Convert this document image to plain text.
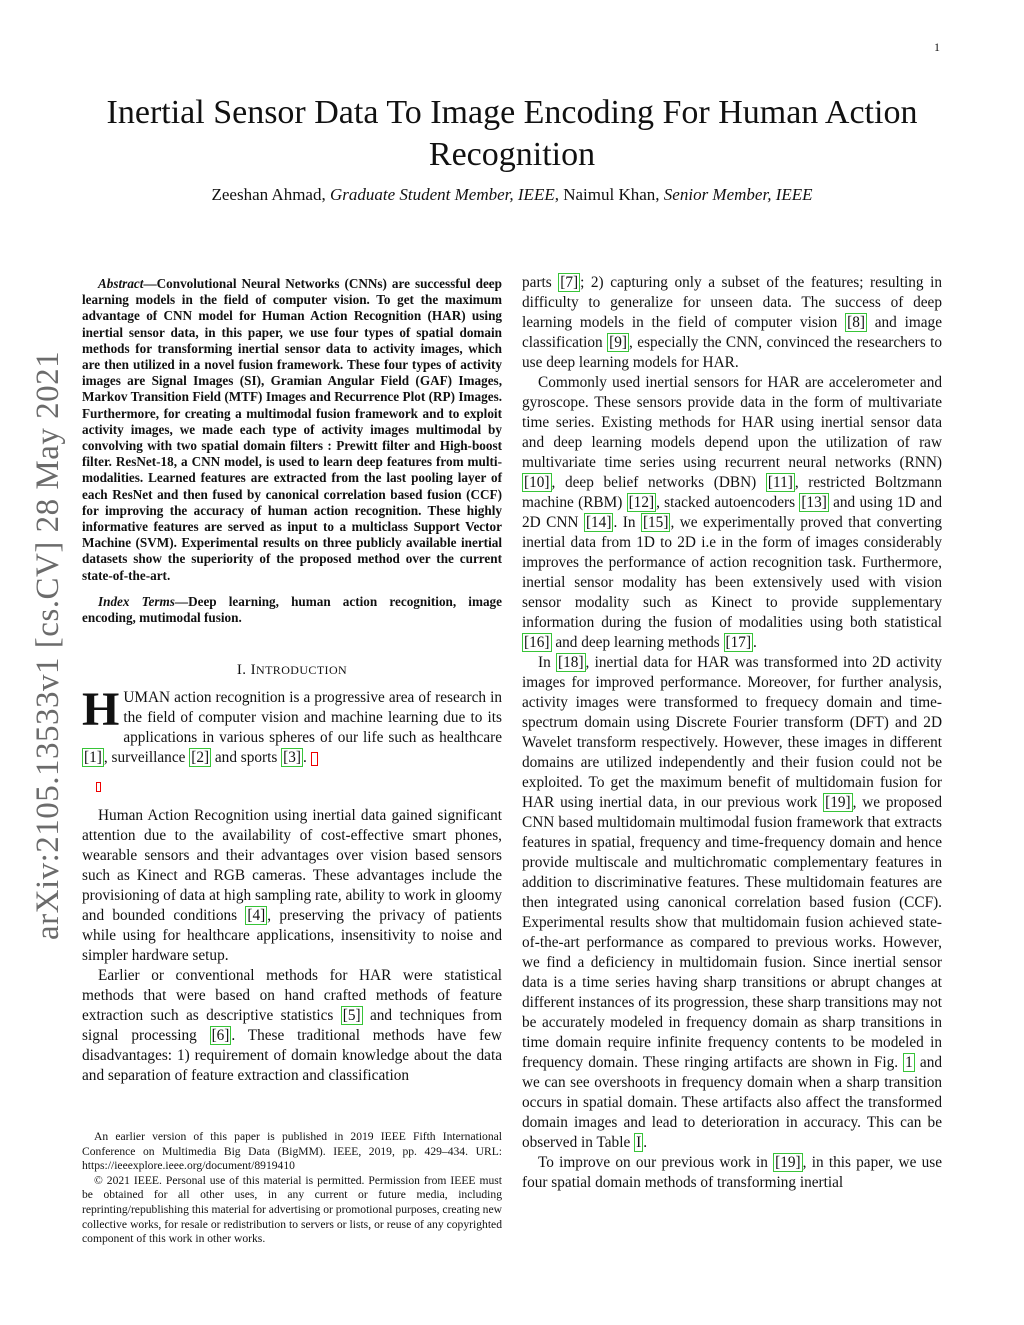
1
arXiv:2105.13533v1 [cs.CV] 28 May 2021
Inertial Sensor Data To Image Encoding For Human Action Recognition
Zeeshan Ahmad, Graduate Student Member, IEEE, Naimul Khan, Senior Member, IEEE

Abstract—Convolutional Neural Networks (CNNs) are successful deep learning models in the field of computer vision. To get the maximum advantage of CNN model for Human Action Recognition (HAR) using inertial sensor data, in this paper, we use four types of spatial domain methods for transforming inertial sensor data to activity images, which are then utilized in a novel fusion framework. These four types of activity images are Signal Images (SI), Gramian Angular Field (GAF) Images, Markov Transition Field (MTF) Images and Recurrence Plot (RP) Images. Furthermore, for creating a multimodal fusion framework and to exploit activity images, we made each type of activity images multimodal by convolving with two spatial domain filters : Prewitt filter and High-boost filter. ResNet-18, a CNN model, is used to learn deep features from multi-modalities. Learned features are extracted from the last pooling layer of each ResNet and then fused by canonical correlation based fusion (CCF) for improving the accuracy of human action recognition. These highly informative features are served as input to a multiclass Support Vector Machine (SVM). Experimental results on three publicly available inertial datasets show the superiority of the proposed method over the current state-of-the-art.

Index Terms—Deep learning, human action recognition, image encoding, mutimodal fusion.

I. INTRODUCTION

HUMAN action recognition is a progressive area of research in the field of computer vision and machine learning due to its applications in various spheres of our life such as healthcare [1] , surveillance [2] and sports [3] .

Human Action Recognition using inertial data gained significant attention due to the availability of cost-effective smart phones, wearable sensors and their advantages over vision based sensors such as Kinect and RGB cameras. These advantages include the provisioning of data at high sampling rate, ability to work in gloomy and bounded conditions [4] , preserving the privacy of patients while using for healthcare applications, insensitivity to noise and simpler hardware setup.

Earlier or conventional methods for HAR were statistical methods that were based on hand crafted methods of feature extraction such as descriptive statistics [5] and techniques from signal processing [6] . These traditional methods have few disadvantages: 1) requirement of domain knowledge about the data and separation of feature extraction and classification

An earlier version of this paper is published in 2019 IEEE Fifth International Conference on Multimedia Big Data (BigMM). IEEE, 2019, pp. 429–434. URL: https://ieeexplore.ieee.org/document/8919410

© 2021 IEEE. Personal use of this material is permitted. Permission from IEEE must be obtained for all other uses, in any current or future media, including reprinting/republishing this material for advertising or promotional purposes, creating new collective works, for resale or redistribution to servers or lists, or reuse of any copyrighted component of this work in other works.

parts [7] ; 2) capturing only a subset of the features; resulting in difficulty to generalize for unseen data. The success of deep learning models in the field of computer vision [8] and image classification [9] , especially the CNN, convinced the researchers to use deep learning models for HAR.

Commonly used inertial sensors for HAR are accelerometer and gyroscope. These sensors provide data in the form of multivariate time series. Existing methods for HAR using inertial sensor data and deep learning models depend upon the utilization of raw multivariate time series using recurrent neural networks (RNN) [10] , deep belief networks (DBN) [11] , restricted Boltzmann machine (RBM) [12] , stacked autoencoders [13] and using 1D and 2D CNN [14] . In [15] , we experimentally proved that converting inertial data from 1D to 2D i.e in the form of images considerably improves the performance of action recognition task. Furthermore, inertial sensor modality has been extensively used with vision sensor modality such as Kinect to provide supplementary information during the fusion of modalities using both statistical [16] and deep learning methods [17] .

In [18] , inertial data for HAR was transformed into 2D activity images for improved performance. Moreover, for further analysis, activity images were transformed to frequecy domain and time-spectrum domain using Discrete Fourier transform (DFT) and 2D Wavelet transform respectively. However, these images in different domains are utilized independently and their fusion could not be exploited. To get the maximum benefit of multidomain fusion for HAR using inertial data, in our previous work [19] , we proposed CNN based multidomain multimodal fusion framework that extracts features in spatial, frequency and time-frequency domain and hence provide multiscale and multichromatic complementary features in addition to discriminative features. These multidomain features are then integrated using canonical correlation based fusion (CCF). Experimental results show that multidomain fusion achieved state-of-the-art performance as compared to previous works. However, we find a deficiency in multidomain fusion. Since inertial sensor data is a time series having sharp transitions or abrupt changes at different instances of its progression, these sharp transitions may not be accurately modeled in frequency domain as sharp transitions in time domain require infinite frequency contents to be modeled in frequency domain. These ringing artifacts are shown in Fig. 1 and we can see overshoots in frequency domain when a sharp transition occurs in spatial domain. These artifacts also affect the transformed domain images and lead to deterioration in accuracy. This can be observed in Table I .

To improve on our previous work in [19] , in this paper, we use four spatial domain methods of transforming inertial
